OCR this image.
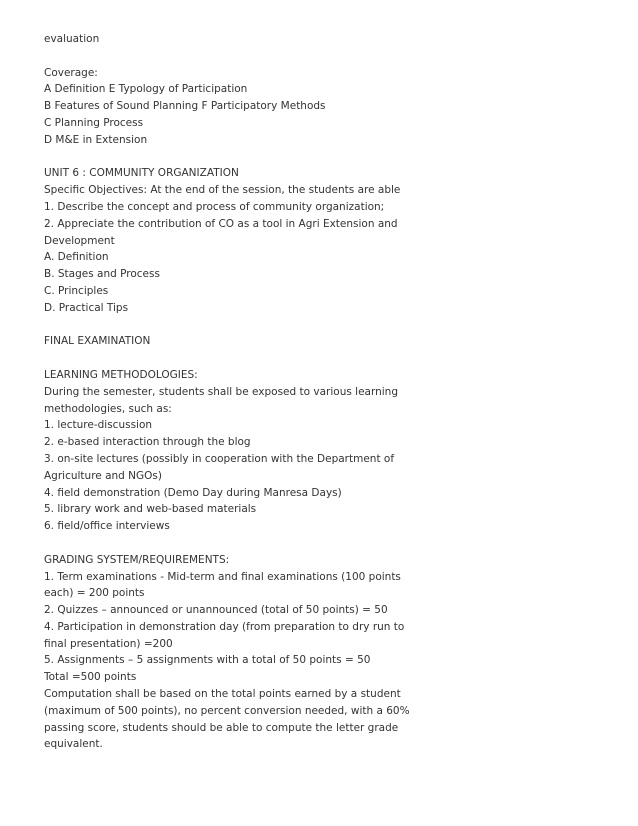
evaluation
Coverage:
A Definition E Typology of Participation
B Features of Sound Planning F Participatory Methods
C Planning Process
D M&E in Extension
UNIT 6 : COMMUNITY ORGANIZATION
Specific Objectives: At the end of the session, the students are able
1. Describe the concept and process of community organization;
2. Appreciate the contribution of CO as a tool in Agri Extension and
Development
A. Definition
B. Stages and Process
C. Principles
D. Practical Tips
FINAL EXAMINATION
LEARNING METHODOLOGIES:
During the semester, students shall be exposed to various learning
methodologies, such as:
1. lecture-discussion
2. e-based interaction through the blog
3. on-site lectures (possibly in cooperation with the Department of
Agriculture and NGOs)
4. field demonstration (Demo Day during Manresa Days)
5. library work and web-based materials
6. field/office interviews
GRADING SYSTEM/REQUIREMENTS:
1. Term examinations - Mid-term and final examinations (100 points
each) = 200 points
2. Quizzes – announced or unannounced (total of 50 points) = 50
4. Participation in demonstration day (from preparation to dry run to
final presentation) =200
5. Assignments – 5 assignments with a total of 50 points = 50
Total =500 points
Computation shall be based on the total points earned by a student
(maximum of 500 points), no percent conversion needed, with a 60%
passing score, students should be able to compute the letter grade
equivalent.
